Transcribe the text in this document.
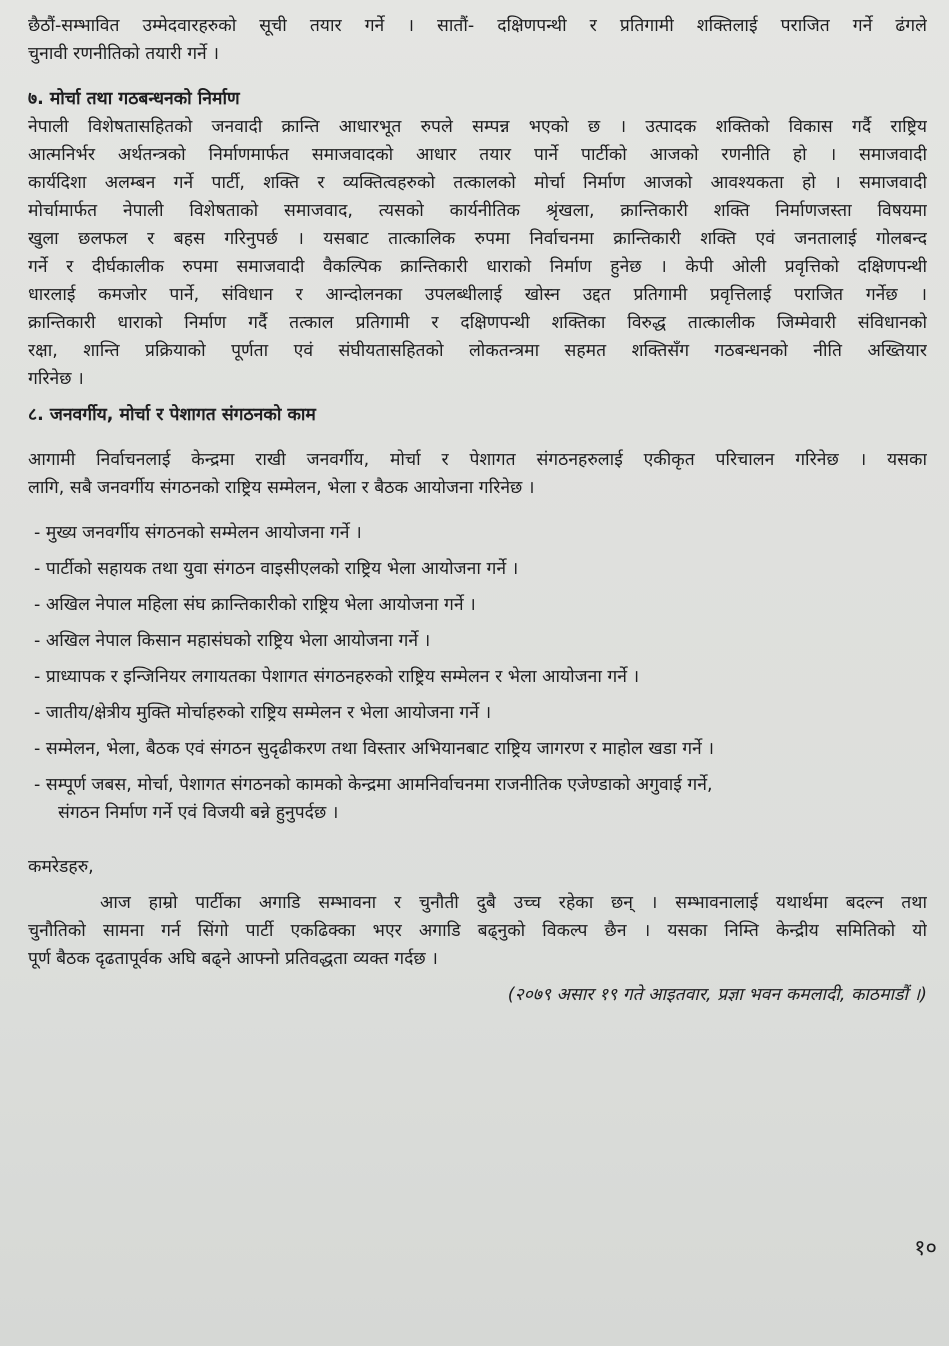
छैठौं-सम्भावित उम्मेदवारहरुको सूची तयार गर्ने । सातौं- दक्षिणपन्थी र प्रतिगामी शक्तिलाई पराजित गर्ने ढंगले
चुनावी रणनीतिको तयारी गर्ने ।
७. मोर्चा तथा गठबन्धनको निर्माण
नेपाली विशेषतासहितको जनवादी क्रान्ति आधारभूत रुपले सम्पन्न भएको छ । उत्पादक शक्तिको विकास गर्दै राष्ट्रिय
आत्मनिर्भर अर्थतन्त्रको निर्माणमार्फत समाजवादको आधार तयार पार्ने पार्टीको आजको रणनीति हो । समाजवादी
कार्यदिशा अलम्बन गर्ने पार्टी, शक्ति र व्यक्तित्वहरुको तत्कालको मोर्चा निर्माण आजको आवश्यकता हो । समाजवादी
मोर्चामार्फत नेपाली विशेषताको समाजवाद, त्यसको कार्यनीतिक श्रृंखला, क्रान्तिकारी शक्ति निर्माणजस्ता विषयमा
खुला छलफल र बहस गरिनुपर्छ । यसबाट तात्कालिक रुपमा निर्वाचनमा क्रान्तिकारी शक्ति एवं जनतालाई गोलबन्द
गर्ने र दीर्घकालीक रुपमा समाजवादी वैकल्पिक क्रान्तिकारी धाराको निर्माण हुनेछ । केपी ओली प्रवृत्तिको दक्षिणपन्थी
धारलाई कमजोर पार्ने, संविधान र आन्दोलनका उपलब्धीलाई खोस्न उद्दत प्रतिगामी प्रवृत्तिलाई पराजित गर्नेछ ।
क्रान्तिकारी धाराको निर्माण गर्दै तत्काल प्रतिगामी र दक्षिणपन्थी शक्तिका विरुद्ध तात्कालीक जिम्मेवारी संविधानको
रक्षा, शान्ति प्रक्रियाको पूर्णता एवं संघीयतासहितको लोकतन्त्रमा सहमत शक्तिसँग गठबन्धनको नीति अख्तियार
गरिनेछ ।
८. जनवर्गीय, मोर्चा र पेशागत संगठनको काम
आगामी निर्वाचनलाई केन्द्रमा राखी जनवर्गीय, मोर्चा र पेशागत संगठनहरुलाई एकीकृत परिचालन गरिनेछ । यसका
लागि, सबै जनवर्गीय संगठनको राष्ट्रिय सम्मेलन, भेला र बैठक आयोजना गरिनेछ ।
- मुख्य जनवर्गीय संगठनको सम्मेलन आयोजना गर्ने ।
- पार्टीको सहायक तथा युवा संगठन वाइसीएलको राष्ट्रिय भेला आयोजना गर्ने ।
- अखिल नेपाल महिला संघ क्रान्तिकारीको राष्ट्रिय भेला आयोजना गर्ने ।
- अखिल नेपाल किसान महासंघको राष्ट्रिय भेला आयोजना गर्ने ।
- प्राध्यापक र इन्जिनियर लगायतका पेशागत संगठनहरुको राष्ट्रिय सम्मेलन र भेला आयोजना गर्ने ।
- जातीय/क्षेत्रीय मुक्ति मोर्चाहरुको राष्ट्रिय सम्मेलन र भेला आयोजना गर्ने ।
- सम्मेलन, भेला, बैठक एवं संगठन सुदृढीकरण तथा विस्तार अभियानबाट राष्ट्रिय जागरण र माहोल खडा गर्ने ।
- सम्पूर्ण जबस, मोर्चा, पेशागत संगठनको कामको केन्द्रमा आमनिर्वाचनमा राजनीतिक एजेण्डाको अगुवाई गर्ने,
संगठन निर्माण गर्ने एवं विजयी बन्ने हुनुपर्दछ ।
कमरेडहरु,
आज हाम्रो पार्टीका अगाडि सम्भावना र चुनौती दुबै उच्च रहेका छन् । सम्भावनालाई यथार्थमा बदल्न तथा
चुनौतिको सामना गर्न सिंगो पार्टी एकढिक्का भएर अगाडि बढ्नुको विकल्प छैन । यसका निम्ति केन्द्रीय समितिको यो
पूर्ण बैठक दृढतापूर्वक अघि बढ्ने आफ्नो प्रतिवद्धता व्यक्त गर्दछ ।
(२०७९ असार १९ गते आइतवार, प्रज्ञा भवन कमलादी, काठमाडौं ।)
१०
